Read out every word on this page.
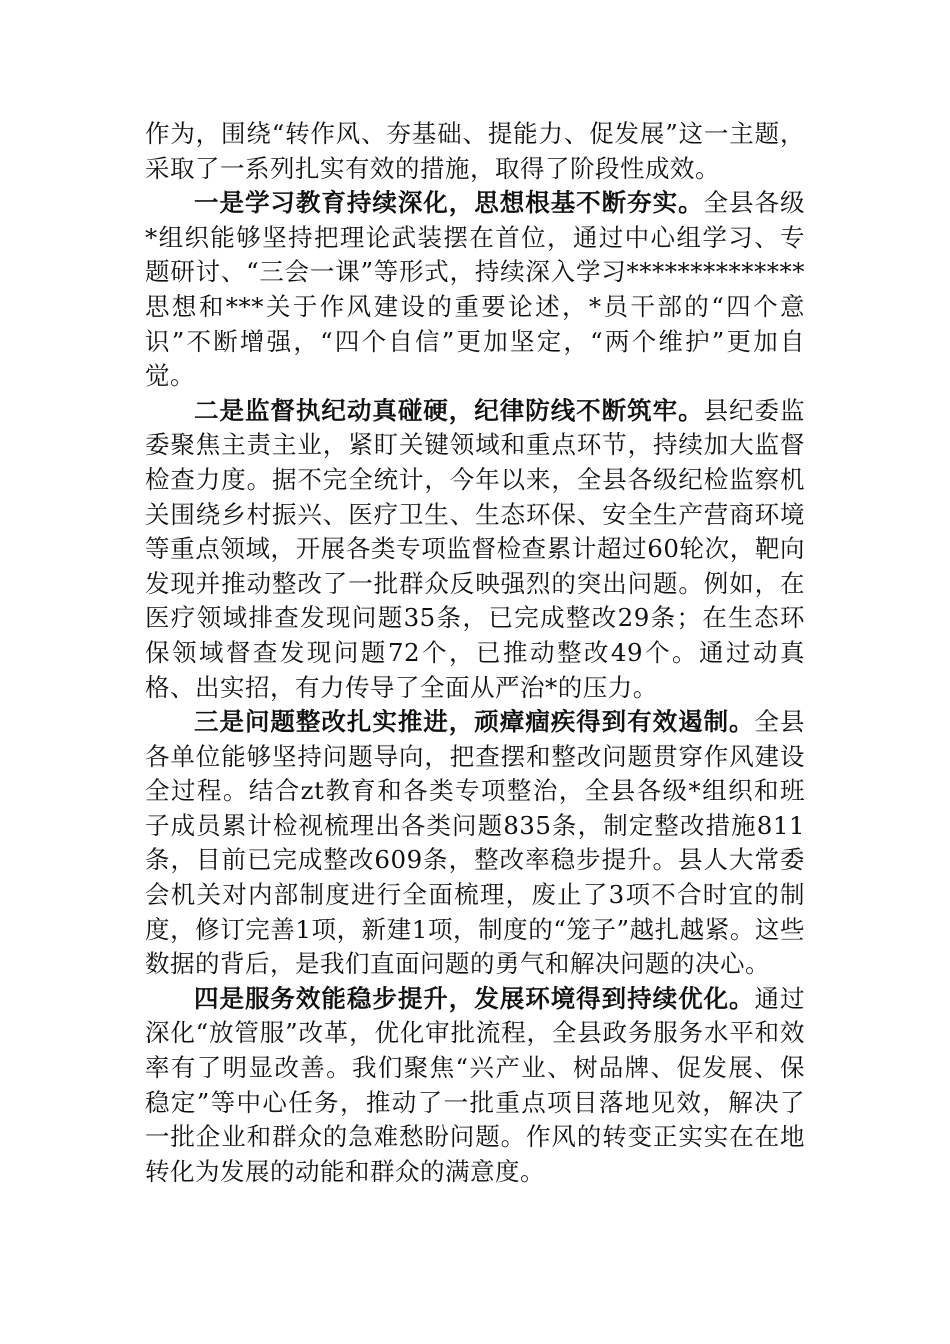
作为，围绕“转作风、夯基础、提能力、促发展”这一主题，采取了一系列扎实有效的措施，取得了阶段性成效。

一是学习教育持续深化，思想根基不断夯实。全县各级*组织能够坚持把理论武装摆在首位，通过中心组学习、专题研讨、“三会一课”等形式，持续深入学习**************思想和***关于作风建设的重要论述，*员干部的“四个意识”不断增强，“四个自信”更加坚定，“两个维护”更加自觉。

二是监督执纪动真碰硬，纪律防线不断筑牢。县纪委监委聚焦主责主业，紧盯关键领域和重点环节，持续加大监督检查力度。据不完全统计，今年以来，全县各级纪检监察机关围绕乡村振兴、医疗卫生、生态环保、安全生产营商环境等重点领域，开展各类专项监督检查累计超过60轮次，靶向发现并推动整改了一批群众反映强烈的突出问题。例如，在医疗领域排查发现问题35条，已完成整改29条；在生态环保领域督查发现问题72个，已推动整改49个。通过动真格、出实招，有力传导了全面从严治*的压力。

三是问题整改扎实推进，顽瘴痼疾得到有效遏制。全县各单位能够坚持问题导向，把查摆和整改问题贯穿作风建设全过程。结合zt教育和各类专项整治，全县各级*组织和班子成员累计检视梳理出各类问题835条，制定整改措施811条，目前已完成整改609条，整改率稳步提升。县人大常委会机关对内部制度进行全面梳理，废止了3项不合时宜的制度，修订完善1项，新建1项，制度的“笼子”越扎越紧。这些数据的背后，是我们直面问题的勇气和解决问题的决心。

四是服务效能稳步提升，发展环境得到持续优化。通过深化“放管服”改革，优化审批流程，全县政务服务水平和效率有了明显改善。我们聚焦“兴产业、树品牌、促发展、保稳定”等中心任务，推动了一批重点项目落地见效，解决了一批企业和群众的急难愁盼问题。作风的转变正实实在在地转化为发展的动能和群众的满意度。
